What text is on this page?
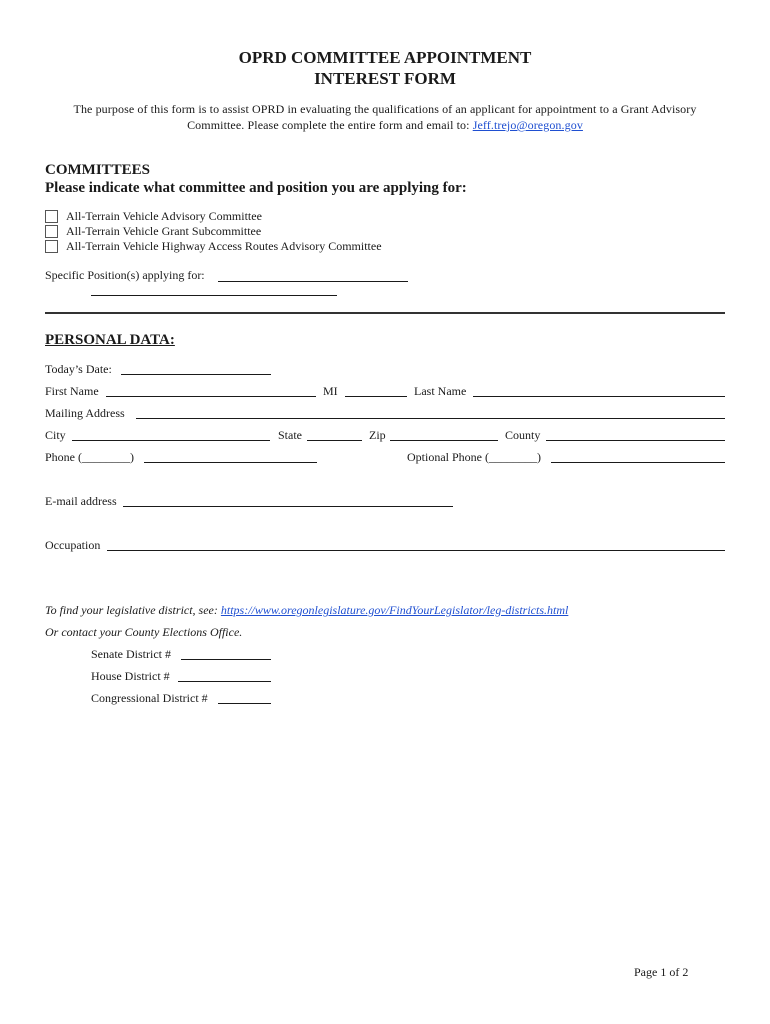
OPRD COMMITTEE APPOINTMENT
INTEREST FORM
The purpose of this form is to assist OPRD in evaluating the qualifications of an applicant for appointment to a Grant Advisory
Committee. Please complete the entire form and email to: Jeff.trejo@oregon.gov
COMMITTEES
Please indicate what committee and position you are applying for:
All-Terrain Vehicle Advisory Committee
All-Terrain Vehicle Grant Subcommittee
All-Terrain Vehicle Highway Access Routes Advisory Committee
Specific Position(s) applying for:
PERSONAL DATA:
Today’s Date:
First Name	MI	Last Name
Mailing Address
City	State	Zip	County
Phone (________)	Optional Phone (________)
E-mail address
Occupation
To find your legislative district, see: https://www.oregonlegislature.gov/FindYourLegislator/leg-districts.html
Or contact your County Elections Office.
Senate District #
House District #
Congressional District #
Page 1 of 2
